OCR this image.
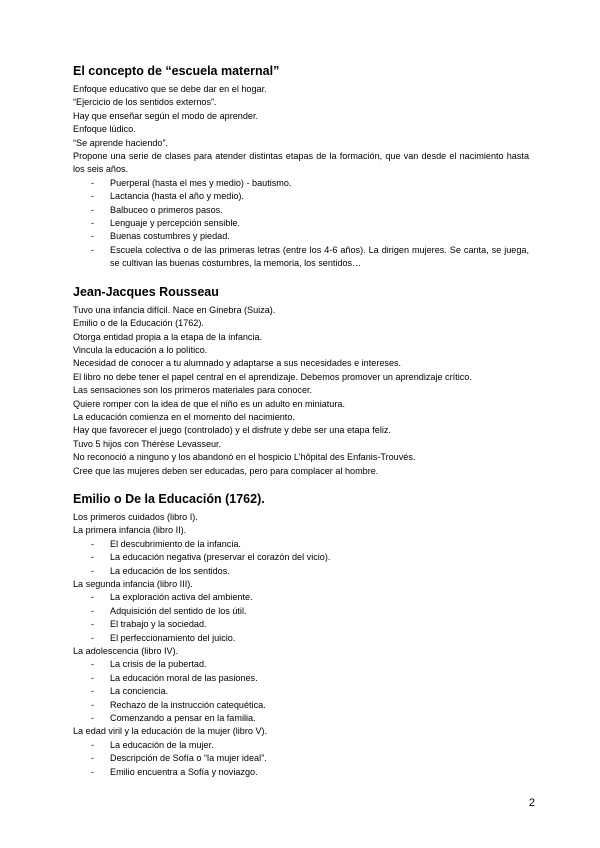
El concepto de “escuela maternal”

Enfoque educativo que se debe dar en el hogar.

“Ejercicio de los sentidos externos”.

Hay que enseñar según el modo de aprender.

Enfoque lúdico.

“Se aprende haciendo”.

Propone una serie de clases para atender distintas etapas de la formación, que van desde el nacimiento hasta los seis años.

- Puerperal (hasta el mes y medio) - bautismo.
- Lactancia (hasta el año y medio).
- Balbuceo o primeros pasos.
- Lenguaje y percepción sensible.
- Buenas costumbres y piedad.
- Escuela colectiva o de las primeras letras (entre los 4-6 años). La dirigen mujeres. Se canta, se juega, se cultivan las buenas costumbres, la memoria, los sentidos…
Jean-Jacques Rousseau

Tuvo una infancia difícil. Nace en Ginebra (Suiza).

Emilio o de la Educación (1762).

Otorga entidad propia a la etapa de la infancia.

Vincula la educación a lo político.

Necesidad de conocer a tu alumnado y adaptarse a sus necesidades e intereses.

El libro no debe tener el papel central en el aprendizaje. Debemos promover un aprendizaje crítico.

Las sensaciones son los primeros materiales para conocer.

Quiere romper con la idea de que el niño es un adulto en miniatura.

La educación comienza en el momento del nacimiento.

Hay que favorecer el juego (controlado) y el disfrute y debe ser una etapa feliz.

Tuvo 5 hijos con Thérèse Levasseur.

No reconoció a ninguno y los abandonó en el hospicio L’hôpital des Enfanis-Trouvés.

Cree que las mujeres deben ser educadas, pero para complacer al hombre.

Emilio o De la Educación (1762).

Los primeros cuidados (libro I).

La primera infancia (libro II).

- El descubrimiento de la infancia.
- La educación negativa (preservar el corazón del vicio).
- La educación de los sentidos.

La segunda infancia (libro III).

- La exploración activa del ambiente.
- Adquisición del sentido de los útil.
- El trabajo y la sociedad.
- El perfeccionamiento del juicio.

La adolescencia (libro IV).

- La crisis de la pubertad.
- La educación moral de las pasiones.
- La conciencia.
- Rechazo de la instrucción catequética.
- Comenzando a pensar en la familia.

La edad viril y la educación de la mujer (libro V).

- La educación de la mujer.
- Descripción de Sofía o “la mujer ideal”.
- Emilio encuentra a Sofía y noviazgo.
2
